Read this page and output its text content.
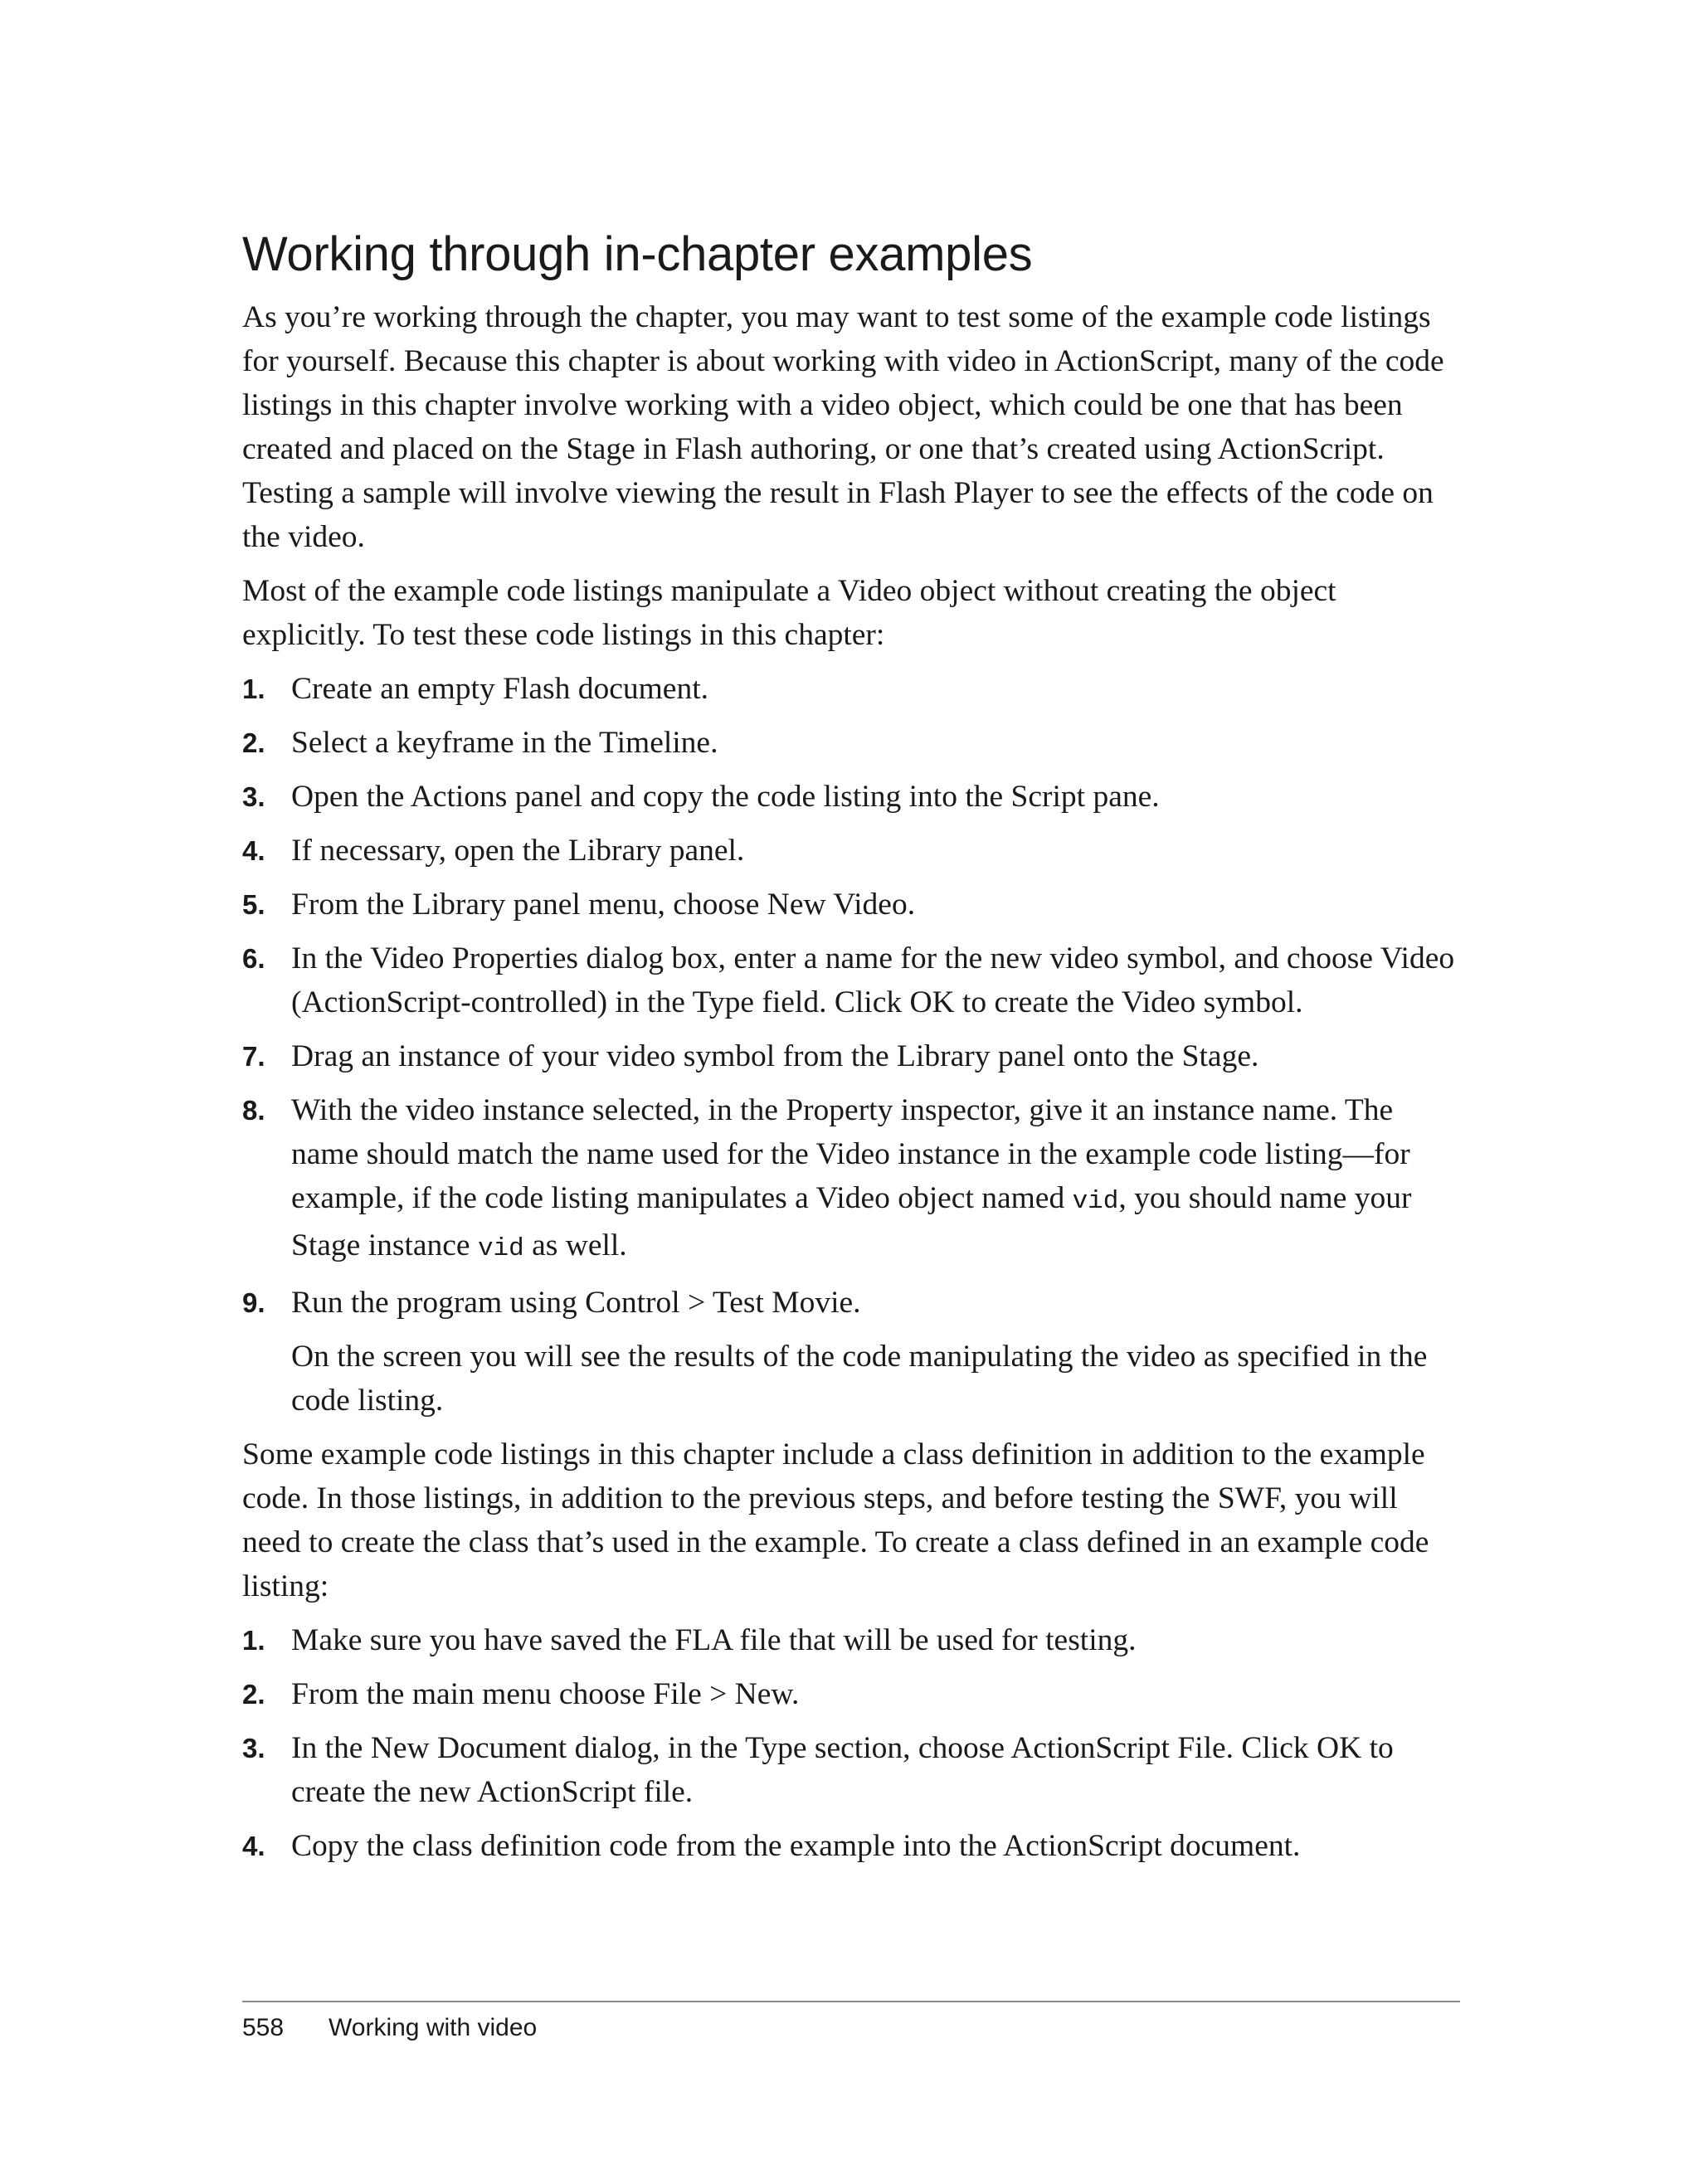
Working through in-chapter examples

As you’re working through the chapter, you may want to test some of the example code listings for yourself. Because this chapter is about working with video in ActionScript, many of the code listings in this chapter involve working with a video object, which could be one that has been created and placed on the Stage in Flash authoring, or one that’s created using ActionScript. Testing a sample will involve viewing the result in Flash Player to see the effects of the code on the video.

Most of the example code listings manipulate a Video object without creating the object explicitly. To test these code listings in this chapter:

1. Create an empty Flash document.
2. Select a keyframe in the Timeline.
3. Open the Actions panel and copy the code listing into the Script pane.
4. If necessary, open the Library panel.
5. From the Library panel menu, choose New Video.
6. In the Video Properties dialog box, enter a name for the new video symbol, and choose Video (ActionScript-controlled) in the Type field. Click OK to create the Video symbol.
7. Drag an instance of your video symbol from the Library panel onto the Stage.
8. With the video instance selected, in the Property inspector, give it an instance name. The name should match the name used for the Video instance in the example code listing—for example, if the code listing manipulates a Video object named vid, you should name your Stage instance vid as well.
9. Run the program using Control > Test Movie.
On the screen you will see the results of the code manipulating the video as specified in the code listing.

Some example code listings in this chapter include a class definition in addition to the example code. In those listings, in addition to the previous steps, and before testing the SWF, you will need to create the class that’s used in the example. To create a class defined in an example code listing:

1. Make sure you have saved the FLA file that will be used for testing.
2. From the main menu choose File > New.
3. In the New Document dialog, in the Type section, choose ActionScript File. Click OK to create the new ActionScript file.
4. Copy the class definition code from the example into the ActionScript document.
558 Working with video
